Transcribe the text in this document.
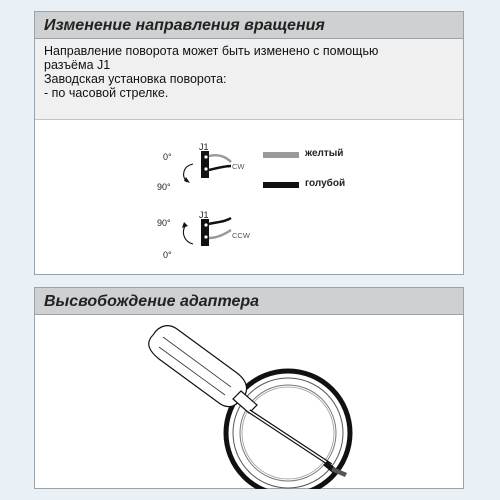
Изменение направления вращения
Направление поворота может быть изменено с помощью
разъёма J1
Заводская установка поворота:
- по часовой стрелке.
J1
0°
90°
CW
J1
90°
0°
CCW
желтый
голубой
Высвобождение адаптера
